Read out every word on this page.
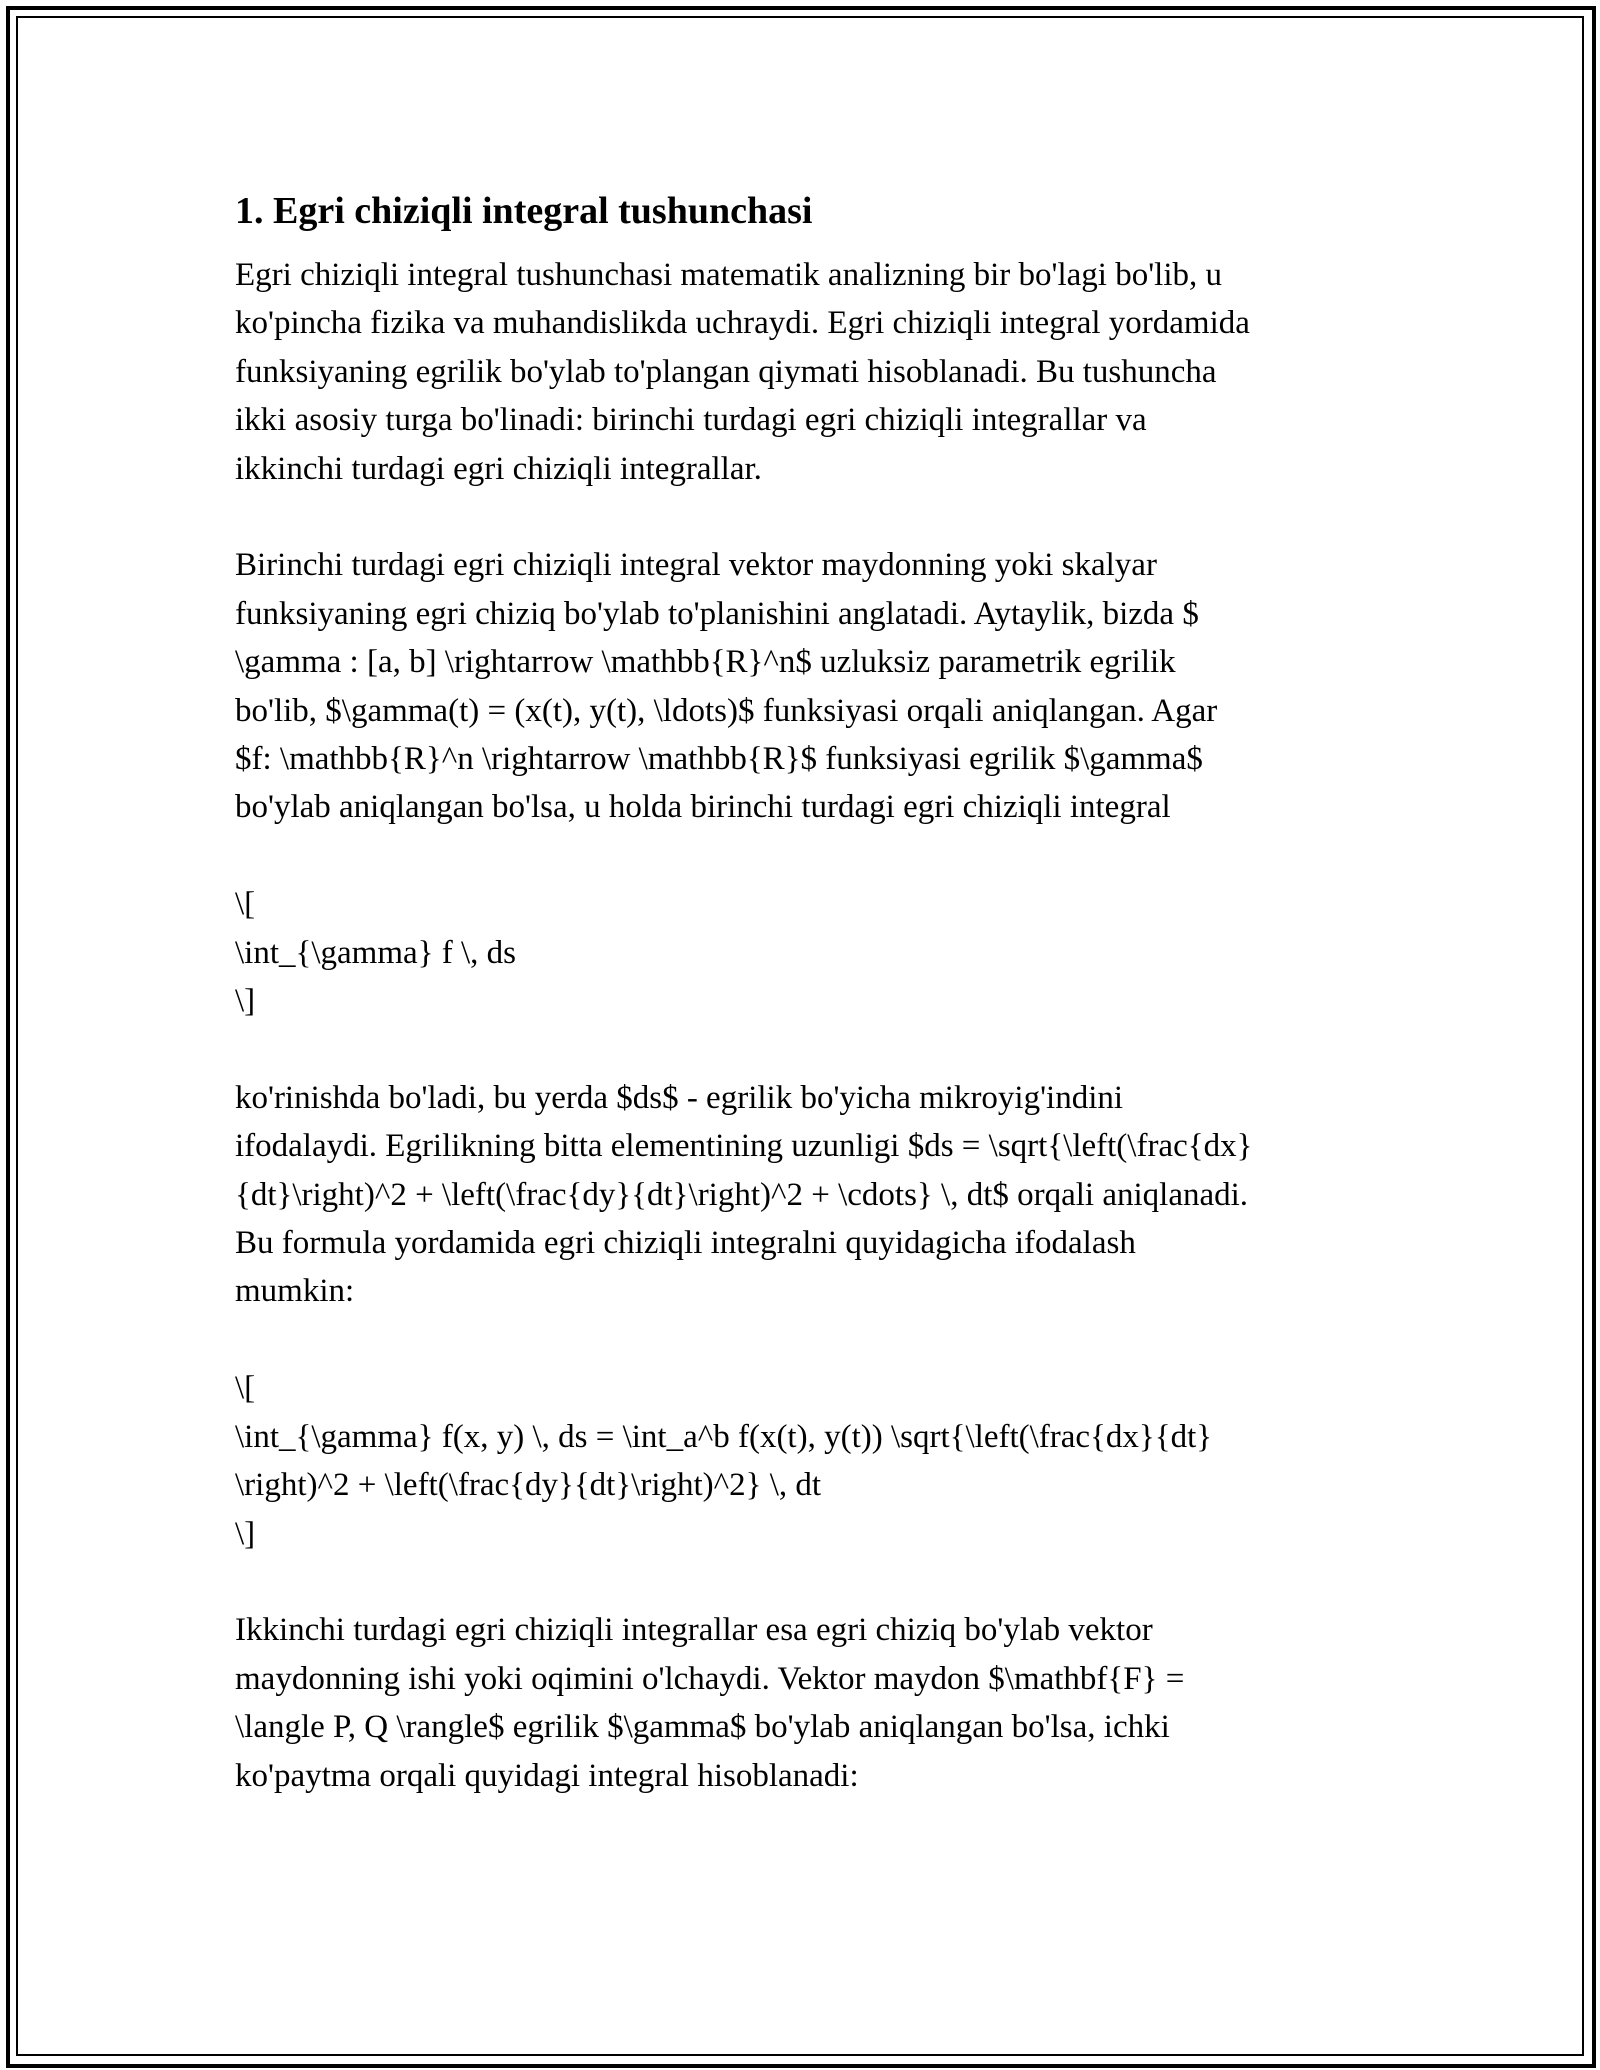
1. Egri chiziqli integral tushunchasi

Egri chiziqli integral tushunchasi matematik analizning bir bo'lagi bo'lib, u
ko'pincha fizika va muhandislikda uchraydi. Egri chiziqli integral yordamida
funksiyaning egrilik bo'ylab to'plangan qiymati hisoblanadi. Bu tushuncha
ikki asosiy turga bo'linadi: birinchi turdagi egri chiziqli integrallar va
ikkinchi turdagi egri chiziqli integrallar.

Birinchi turdagi egri chiziqli integral vektor maydonning yoki skalyar
funksiyaning egri chiziq bo'ylab to'planishini anglatadi. Aytaylik, bizda $
\gamma : [a, b] \rightarrow \mathbb{R}^n$ uzluksiz parametrik egrilik
bo'lib, $\gamma(t) = (x(t), y(t), \ldots)$ funksiyasi orqali aniqlangan. Agar
$f: \mathbb{R}^n \rightarrow \mathbb{R}$ funksiyasi egrilik $\gamma$
bo'ylab aniqlangan bo'lsa, u holda birinchi turdagi egri chiziqli integral

\[
\int_{\gamma} f \, ds
\]

ko'rinishda bo'ladi, bu yerda $ds$ - egrilik bo'yicha mikroyig'indini
ifodalaydi. Egrilikning bitta elementining uzunligi $ds = \sqrt{\left(\frac{dx}
{dt}\right)^2 + \left(\frac{dy}{dt}\right)^2 + \cdots} \, dt$ orqali aniqlanadi.
Bu formula yordamida egri chiziqli integralni quyidagicha ifodalash
mumkin:

\[
\int_{\gamma} f(x, y) \, ds = \int_a^b f(x(t), y(t)) \sqrt{\left(\frac{dx}{dt}
\right)^2 + \left(\frac{dy}{dt}\right)^2} \, dt
\]

Ikkinchi turdagi egri chiziqli integrallar esa egri chiziq bo'ylab vektor
maydonning ishi yoki oqimini o'lchaydi. Vektor maydon $\mathbf{F} =
\langle P, Q \rangle$ egrilik $\gamma$ bo'ylab aniqlangan bo'lsa, ichki
ko'paytma orqali quyidagi integral hisoblanadi:
